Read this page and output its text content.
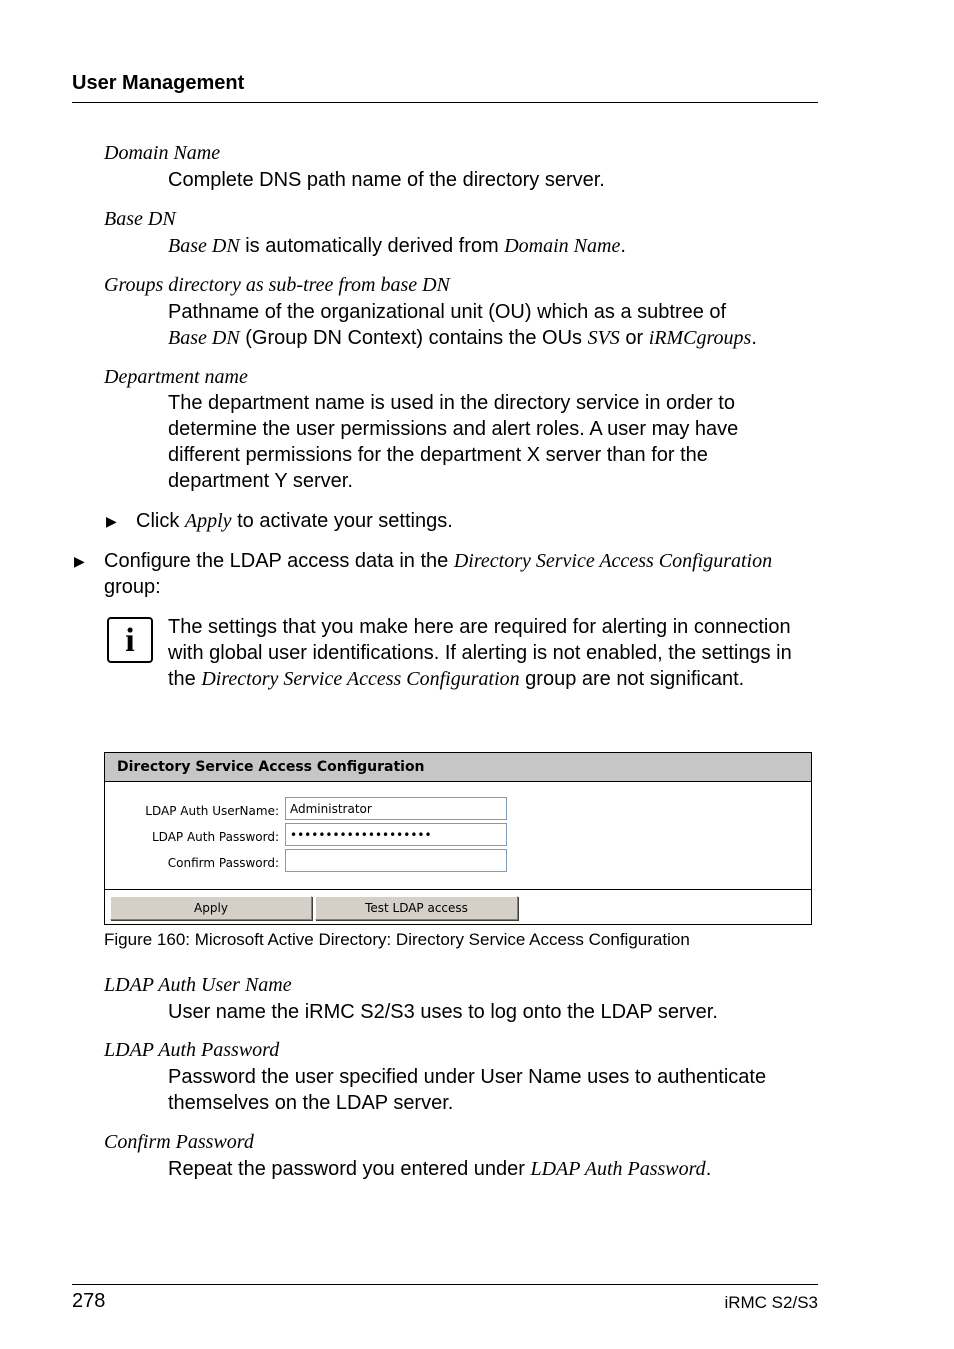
User Management
Domain Name
Complete DNS path name of the directory server.
Base DN
Base DN is automatically derived from Domain Name.
Groups directory as sub-tree from base DN
Pathname of the organizational unit (OU) which as a subtree of
Base DN (Group DN Context) contains the OUs SVS or iRMCgroups.
Department name
The department name is used in the directory service in order to determine the user permissions and alert roles. A user may have different permissions for the department X server than for the department Y server.
▶ Click Apply to activate your settings.
▶ Configure the LDAP access data in the Directory Service Access Configuration group:
i	The settings that you make here are required for alerting in connection with global user identifications. If alerting is not enabled, the settings in the Directory Service Access Configuration group are not significant.
Directory Service Access Configuration
LDAP Auth UserName:
Administrator
LDAP Auth Password:
••••••••••••••••••••
Confirm Password:
Apply	Test LDAP access
Figure 160: Microsoft Active Directory: Directory Service Access Configuration
LDAP Auth User Name
User name the iRMC S2/S3 uses to log onto the LDAP server.
LDAP Auth Password
Password the user specified under User Name uses to authenticate themselves on the LDAP server.
Confirm Password
Repeat the password you entered under LDAP Auth Password.
278	iRMC S2/S3
